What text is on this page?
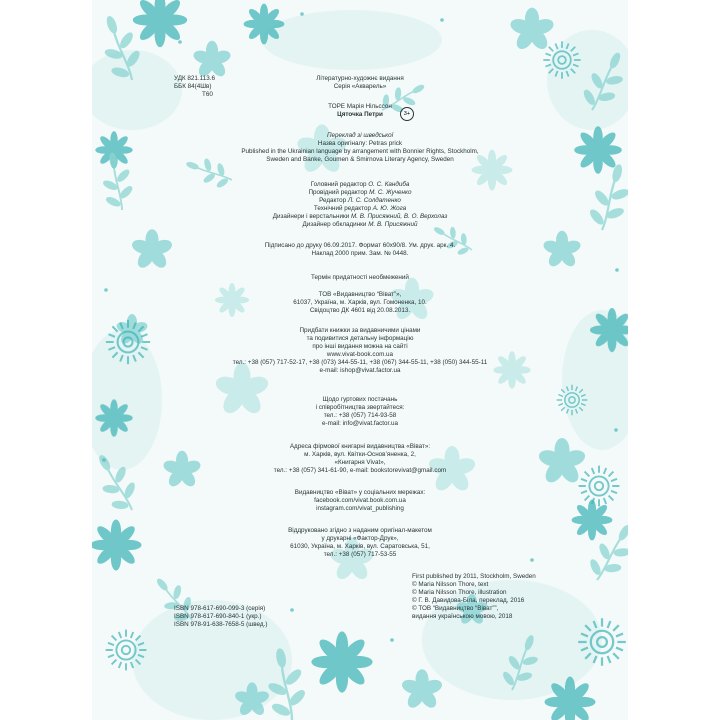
УДК 821.113.6
ББК 84(4Шв)
Т60
Літературно-художнє видання
Серія «Акварель»
ТОРЕ Марія Нільссон
Цяточка Петри	3+
Переклад зі шведської
Назва оригіналу: Petras prick
Published in the Ukrainian language by arrangement with Bonnier Rights, Stockholm,
Sweden and Banke, Goumen & Smirnova Literary Agency, Sweden
Головний редактор О. С. Кандиба
Провідний редактор М. С. Жученко
Редактор Л. С. Солдатенко
Технічний редактор А. Ю. Жога
Дизайнери і верстальники М. В. Присяжний, В. О. Верхолаз
Дизайнер обкладинки М. В. Присяжний
Підписано до друку 06.09.2017. Формат 60х90/8. Ум. друк. арк. 4.
Наклад 2000 прим. Зам. № 0448.
Термін придатності необмежений
ТОВ «Видавництво “Віват”»,
61037, Україна, м. Харків, вул. Гомоненка, 10.
Свідоцтво ДК 4601 від 20.08.2013.
Придбати книжки за видавничими цінами
та подивитися детальну інформацію
про інші видання можна на сайті
www.vivat-book.com.ua
тел.: +38 (057) 717-52-17, +38 (073) 344-55-11, +38 (067) 344-55-11, +38 (050) 344-55-11
e-mail: ishop@vivat.factor.ua
Щодо гуртових постачань
і співробітництва звертайтеся:
тел.: +38 (057) 714-93-58
e-mail: info@vivat.factor.ua
Адреса фірмової книгарні видавництва «Віват»:
м. Харків, вул. Квітки-Основ’яненка, 2,
«Книгарня Vivat»,
тел.: +38 (057) 341-61-90, e-mail: bookstorevivat@gmail.com
Видавництво «Віват» у соціальних мережах:
facebook.com/vivat.book.com.ua
instagram.com/vivat_publishing
Віддруковано згідно з наданим оригінал-макетом
у друкарні «Фактор-Друк»,
61030, Україна, м. Харків, вул. Саратовська, 51,
тел.: +38 (057) 717-53-55
First published by 2011, Stockholm, Sweden
© Maria Nilsson Thore, text
© Maria Nilsson Thore, illustration
© Г. В. Давидова-Біла, переклад, 2016
© ТОВ “Видавництво “Віват””,
видання українською мовою, 2018
ISBN 978-617-690-099-3 (серія)
ISBN 978-617-690-840-1 (укр.)
ISBN 978-91-638-7658-5 (швед.)
